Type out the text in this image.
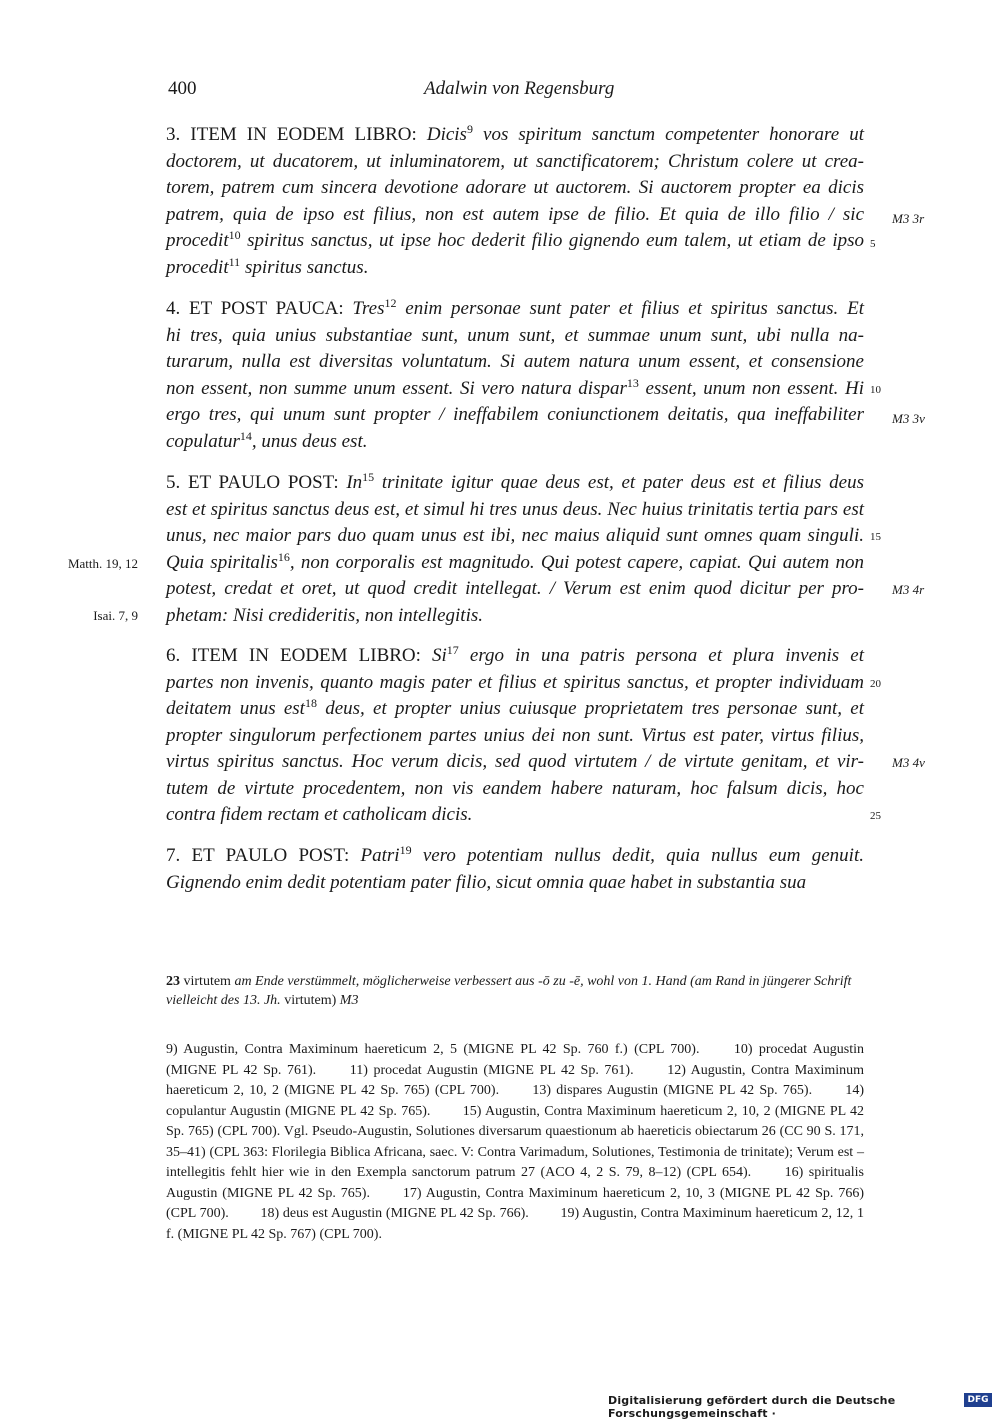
400	Adalwin von Regensburg
5
10
15
20
25
M3 3r
M3 3v
M3 4r
M3 4v
Matth. 19, 12
Isai. 7, 9
23 virtutem am Ende verstümmelt, möglicherweise verbessert aus -ō zu -ē, wohl von 1. Hand (am Rand in jüngerer Schrift vielleicht des 13. Jh. virtutem) M3
9) Augustin, Contra Maximinum haereticum 2, 5 (MIGNE PL 42 Sp. 760 f.) (CPL 700). 10) procedat Augustin (MIGNE PL 42 Sp. 761). 11) procedat Augustin (MIGNE PL 42 Sp. 761). 12) Augustin, Contra Maximinum haereticum 2, 10, 2 (MIGNE PL 42 Sp. 765) (CPL 700). 13) dispares Augustin (MIGNE PL 42 Sp. 765). 14) copulantur Augustin (MIGNE PL 42 Sp. 765). 15) Augustin, Contra Maximinum haereticum 2, 10, 2 (MIGNE PL 42 Sp. 765) (CPL 700). Vgl. Pseudo-Augustin, Solutiones diversarum quaestionum ab haereticis obiectarum 26 (CC 90 S. 171, 35–41) (CPL 363: Florilegia Biblica Africana, saec. V: Contra Varimadum, Solutiones, Testimonia de trinitate); Verum est – intellegitis fehlt hier wie in den Exempla sanctorum patrum 27 (ACO 4, 2 S. 79, 8–12) (CPL 654). 16) spiritualis Augustin (MIGNE PL 42 Sp. 765). 17) Augustin, Contra Maximinum haereticum 2, 10, 3 (MIGNE PL 42 Sp. 766) (CPL 700). 18) deus est Augustin (MIGNE PL 42 Sp. 766). 19) Augustin, Contra Maximinum haereticum 2, 12, 1 f. (MIGNE PL 42 Sp. 767) (CPL 700).
Digitalisierung gefördert durch die Deutsche Forschungsgemeinschaft ·
DFG
3. ITEM IN EODEM LIBRO: Dicis$^9$ vos spiritum sanctum competenter honorare ut
doctorem, ut ducatorem, ut inluminatorem, ut sanctificatorem; Christum colere ut crea-
torem, patrem cum sincera devotione adorare ut auctorem. Si auctorem propter ea dicis
patrem, quia de ipso est filius, non est autem ipse de filio. Et quia de illo filio / sic
procedit$^{10}$ spiritus sanctus, ut ipse hoc dederit filio gignendo eum talem, ut etiam de ipso
procedit$^{11}$ spiritus sanctus.
4. ET POST PAUCA: Tres$^{12}$ enim personae sunt pater et filius et spiritus sanctus. Et
hi tres, quia unius substantiae sunt, unum sunt, et summae unum sunt, ubi nulla na-
turarum, nulla est diversitas voluntatum. Si autem natura unum essent, et consensione
non essent, non summe unum essent. Si vero natura dispar$^{13}$ essent, unum non essent. Hi
ergo tres, qui unum sunt propter / ineffabilem coniunctionem deitatis, qua ineffabiliter
copulatur$^{14}$, unus deus est.
5. ET PAULO POST: In$^{15}$ trinitate igitur quae deus est, et pater deus est et filius deus
est et spiritus sanctus deus est, et simul hi tres unus deus. Nec huius trinitatis tertia pars est
unus, nec maior pars duo quam unus est ibi, nec maius aliquid sunt omnes quam singuli.
Quia spiritalis$^{16}$, non corporalis est magnitudo. Qui potest capere, capiat. Qui autem non
potest, credat et oret, ut quod credit intellegat. / Verum est enim quod dicitur per pro-
phetam: Nisi credideritis, non intellegitis.
6. ITEM IN EODEM LIBRO: Si$^{17}$ ergo in una patris persona et plura invenis et
partes non invenis, quanto magis pater et filius et spiritus sanctus, et propter individuam
deitatem unus est$^{18}$ deus, et propter unius cuiusque proprietatem tres personae sunt, et
propter singulorum perfectionem partes unius dei non sunt. Virtus est pater, virtus filius,
virtus spiritus sanctus. Hoc verum dicis, sed quod virtutem / de virtute genitam, et vir-
tutem de virtute procedentem, non vis eandem habere naturam, hoc falsum dicis, hoc
contra fidem rectam et catholicam dicis.
7. ET PAULO POST: Patri$^{19}$ vero potentiam nullus dedit, quia nullus eum genuit.
Gignendo enim dedit potentiam pater filio, sicut omnia quae habet in substantia sua
